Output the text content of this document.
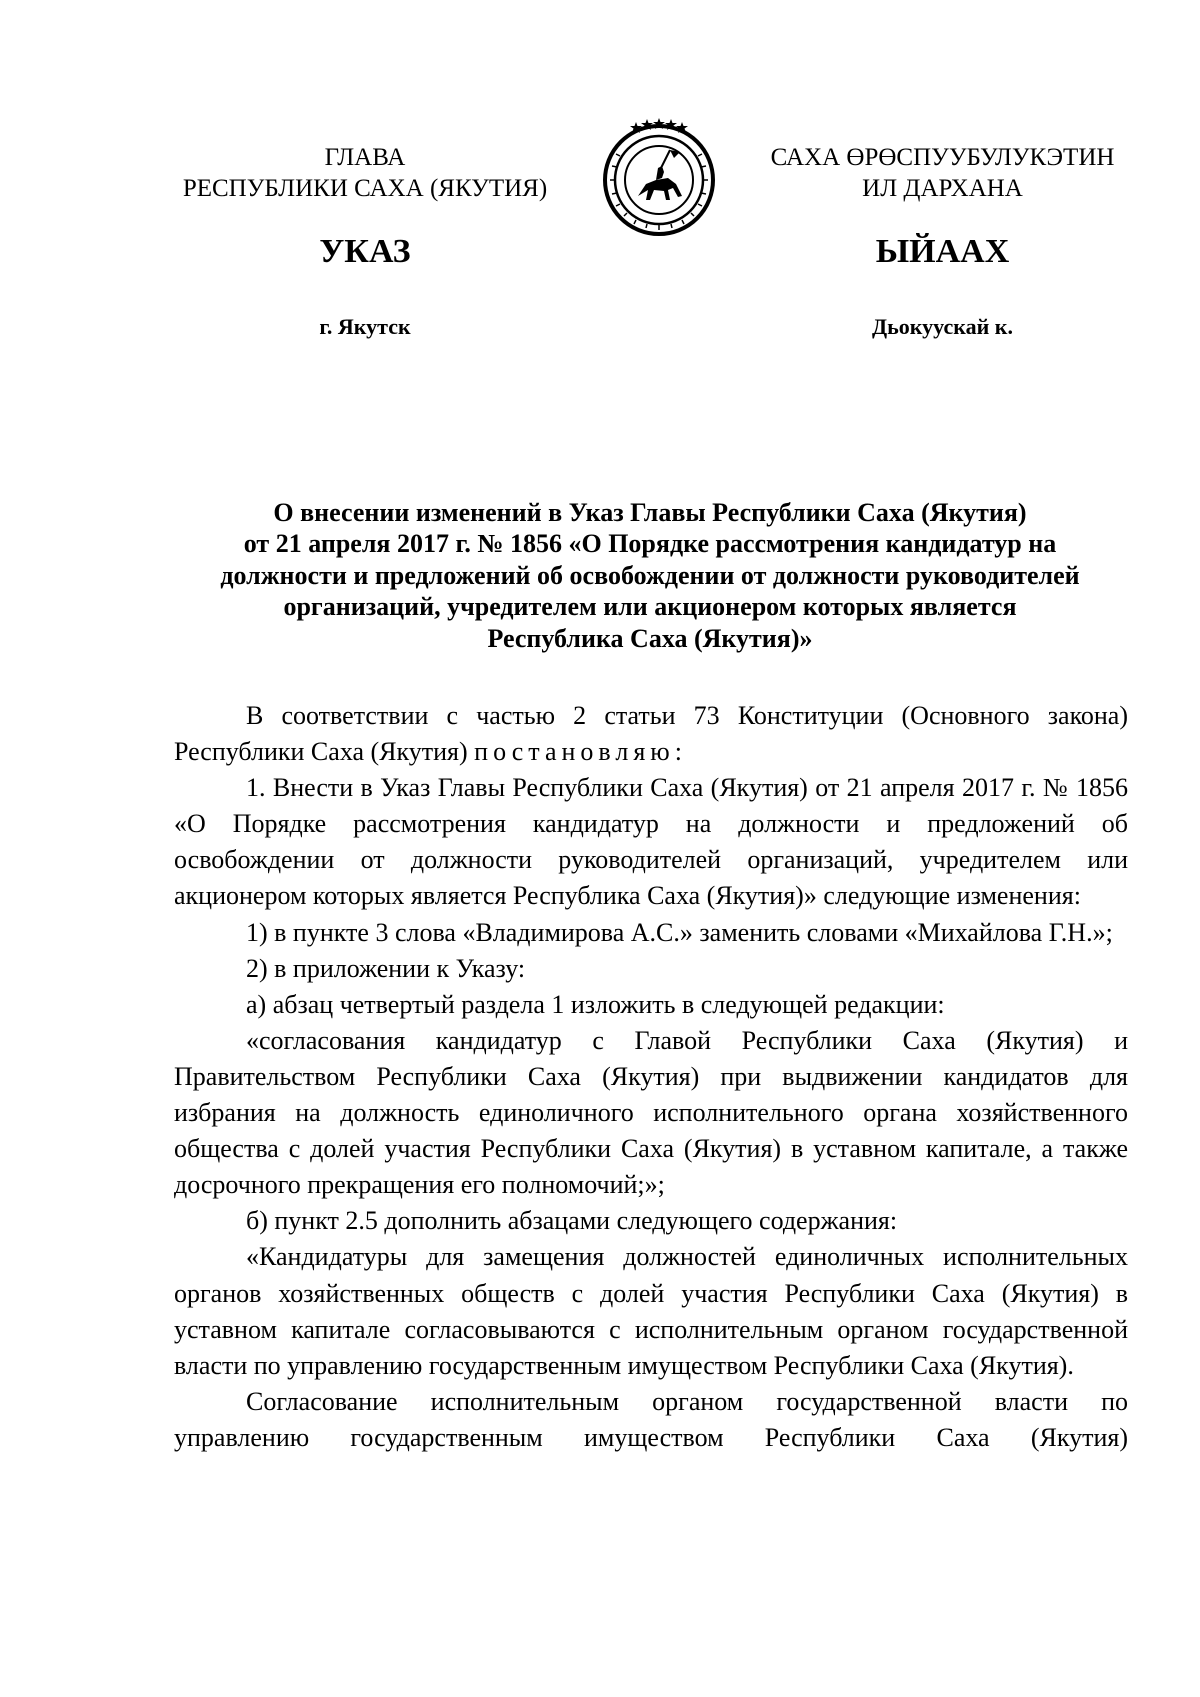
ГЛАВА
РЕСПУБЛИКИ САХА (ЯКУТИЯ)
САХА ӨРӨСПУУБУЛУКЭТИН
ИЛ ДАРХАНА
УКАЗ	ЫЙААХ
г. Якутск	Дьокуускай к.
О внесении изменений в Указ Главы Республики Саха (Якутия)
от 21 апреля 2017 г. № 1856 «О Порядке рассмотрения кандидатур на
должности и предложений об освобождении от должности руководителей
организаций, учредителем или акционером которых является
Республика Саха (Якутия)»

В соответствии с частью 2 статьи 73 Конституции (Основного закона) Республики Саха (Якутия) постановляю:

1. Внести в Указ Главы Республики Саха (Якутия) от 21 апреля 2017 г. № 1856 «О Порядке рассмотрения кандидатур на должности и предложений об освобождении от должности руководителей организаций, учредителем или акционером которых является Республика Саха (Якутия)» следующие изменения:

1) в пункте 3 слова «Владимирова А.С.» заменить словами «Михайлова Г.Н.»;

2) в приложении к Указу:

а) абзац четвертый раздела 1 изложить в следующей редакции:

«согласования кандидатур с Главой Республики Саха (Якутия) и Правительством Республики Саха (Якутия) при выдвижении кандидатов для избрания на должность единоличного исполнительного органа хозяйственного общества с долей участия Республики Саха (Якутия) в уставном капитале, а также досрочного прекращения его полномочий;»;

б) пункт 2.5 дополнить абзацами следующего содержания:

«Кандидатуры для замещения должностей единоличных исполнительных органов хозяйственных обществ с долей участия Республики Саха (Якутия) в уставном капитале согласовываются с исполнительным органом государственной власти по управлению государственным имуществом Республики Саха (Якутия).

Согласование исполнительным органом государственной власти по управлению государственным имуществом Республики Саха (Якутия)
